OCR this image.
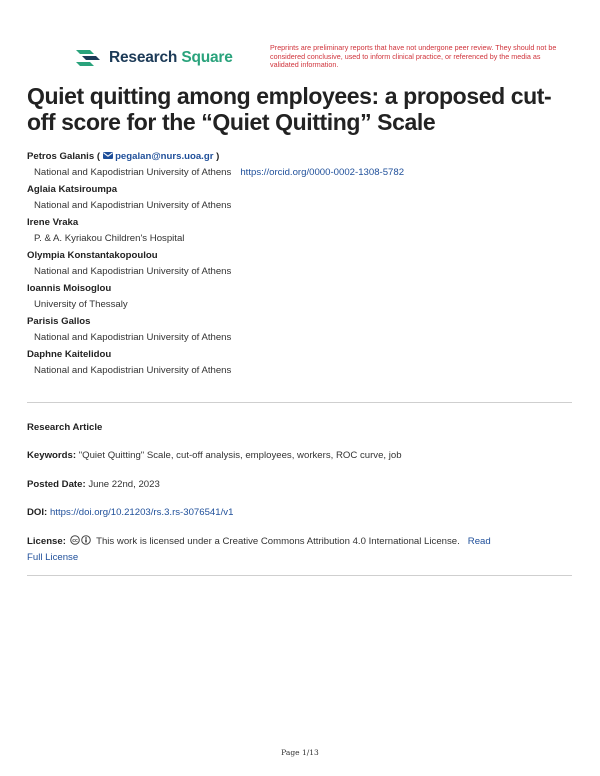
Research Square
Preprints are preliminary reports that have not undergone peer review. They should not be considered conclusive, used to inform clinical practice, or referenced by the media as validated information.
Quiet quitting among employees: a proposed cut-off score for the “Quiet Quitting” Scale
Petros Galanis ( pegalan@nurs.uoa.gr )
National and Kapodistrian University of Athens https://orcid.org/0000-0002-1308-5782
Aglaia Katsiroumpa
National and Kapodistrian University of Athens
Irene Vraka
P. & A. Kyriakou Children's Hospital
Olympia Konstantakopoulou
National and Kapodistrian University of Athens
Ioannis Moisoglou
University of Thessaly
Parisis Gallos
National and Kapodistrian University of Athens
Daphne Kaitelidou
National and Kapodistrian University of Athens
Research Article
Keywords: "Quiet Quitting" Scale, cut-off analysis, employees, workers, ROC curve, job
Posted Date: June 22nd, 2023
DOI: https://doi.org/10.21203/rs.3.rs-3076541/v1
License: cc This work is licensed under a Creative Commons Attribution 4.0 International License. Read
Full License
Page 1/13
